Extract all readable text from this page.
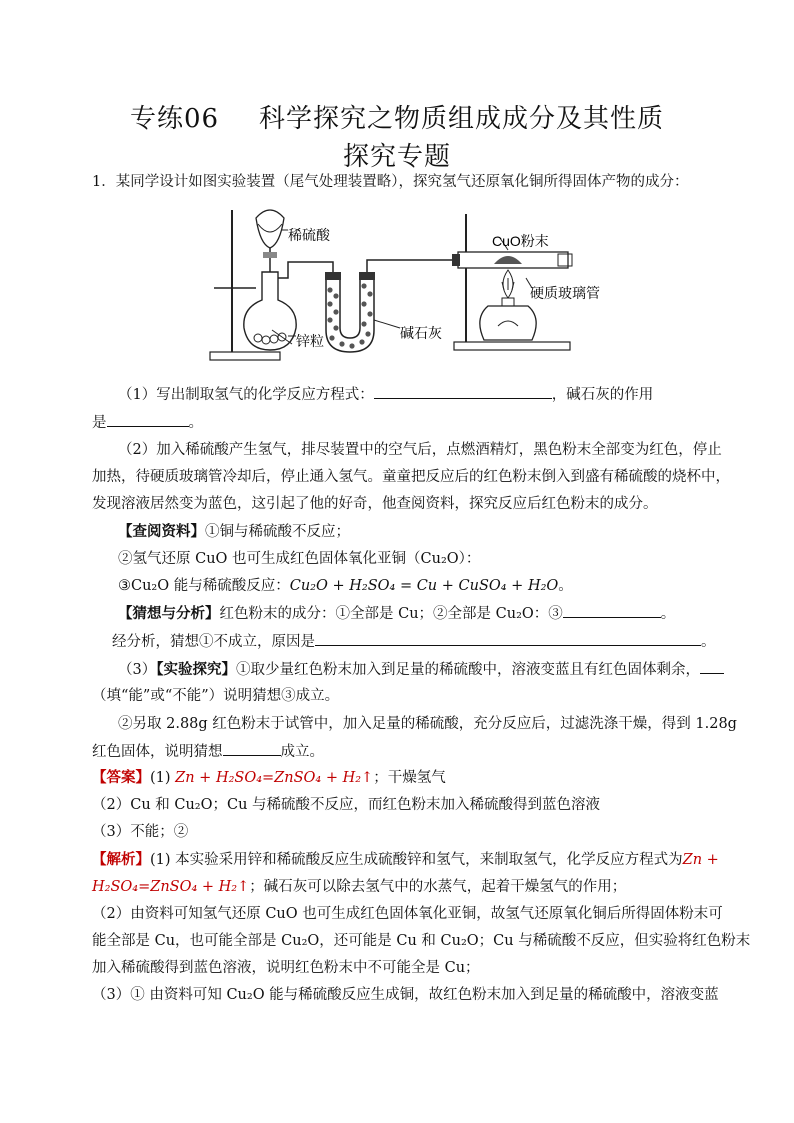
专练06 科学探究之物质组成成分及其性质
探究专题
1．某同学设计如图实验装置（尾气处理装置略），探究氢气还原氧化铜所得固体产物的成分：
稀硫酸
锌粒	碱石灰
CuO粉末
硬质玻璃管
（1）写出制取氢气的化学反应方程式：	，碱石灰的作用
是	。
（2）加入稀硫酸产生氢气，排尽装置中的空气后，点燃酒精灯，黑色粉末全部变为红色，停止
加热，待硬质玻璃管冷却后，停止通入氢气。童童把反应后的红色粉末倒入到盛有稀硫酸的烧杯中，
发现溶液居然变为蓝色，这引起了他的好奇，他查阅资料，探究反应后红色粉末的成分。
【查阅资料】①铜与稀硫酸不反应；
②氢气还原 CuO 也可生成红色固体氧化亚铜（Cu₂O）：
③Cu₂O 能与稀硫酸反应：Cu₂O + H₂SO₄ = Cu + CuSO₄ + H₂O。
【猜想与分析】红色粉末的成分：①全部是 Cu；②全部是 Cu₂O：③	。
经分析，猜想①不成立，原因是	。
（3）【实验探究】①取少量红色粉末加入到足量的稀硫酸中，溶液变蓝且有红色固体剩余，
（填“能”或“不能”）说明猜想③成立。
②另取 2.88g 红色粉末于试管中，加入足量的稀硫酸，充分反应后，过滤洗涤干燥，得到 1.28g
红色固体，说明猜想	成立。
【答案】(1) Zn + H₂SO₄=ZnSO₄ + H₂↑；干燥氢气
（2）Cu 和 Cu₂O；Cu 与稀硫酸不反应，而红色粉末加入稀硫酸得到蓝色溶液
（3）不能；②
【解析】(1) 本实验采用锌和稀硫酸反应生成硫酸锌和氢气，来制取氢气，化学反应方程式为Zn +
H₂SO₄=ZnSO₄ + H₂↑；碱石灰可以除去氢气中的水蒸气，起着干燥氢气的作用；
（2）由资料可知氢气还原 CuO 也可生成红色固体氧化亚铜，故氢气还原氧化铜后所得固体粉末可
能全部是 Cu，也可能全部是 Cu₂O，还可能是 Cu 和 Cu₂O；Cu 与稀硫酸不反应，但实验将红色粉末
加入稀硫酸得到蓝色溶液，说明红色粉末中不可能全是 Cu；
（3）① 由资料可知 Cu₂O 能与稀硫酸反应生成铜，故红色粉末加入到足量的稀硫酸中，溶液变蓝
